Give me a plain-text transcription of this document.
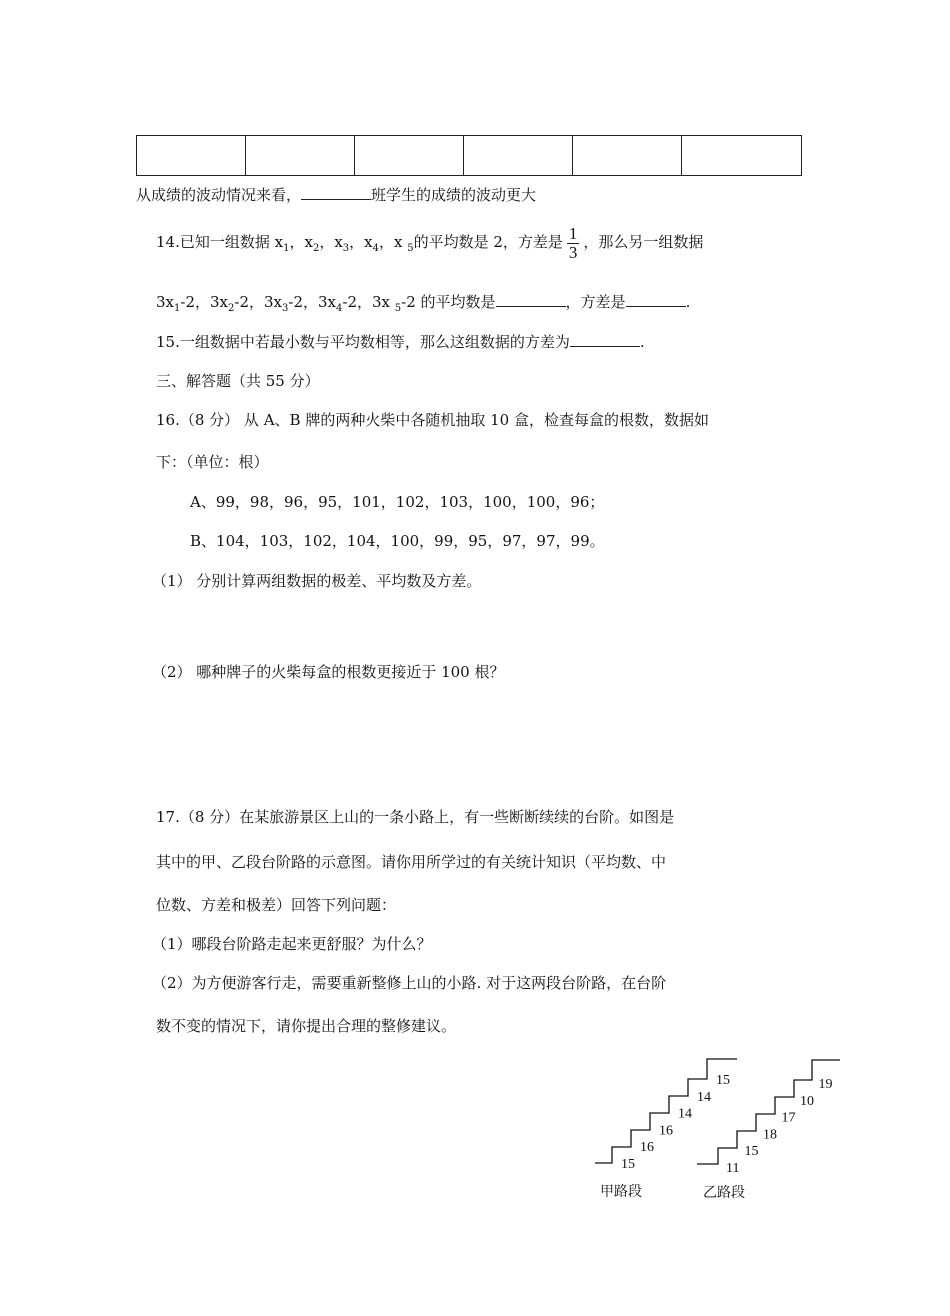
从成绩的波动情况来看，	班学生的成绩的波动更大
14.已知一组数据 $x_1$，$x_2$，$x_3$，$x_4$，x $_5$的平均数是 2，方差是 $\frac{1}{3}$ ，那么另一组数据
$3x_1-2$，$3x_2-2$，$3x_3-2$，$3x_4-2$，3x $_5$-2 的平均数是	，方差是	.
15.一组数据中若最小数与平均数相等，那么这组数据的方差为	.
三、解答题（共 55 分）
16.（8 分） 从 A、B 牌的两种火柴中各随机抽取 10 盒，检查每盒的根数，数据如
下：（单位：根）
A、99，98，96，95，101，102，103，100，100，96；
B、104，103，102，104，100，99，95，97，97，99。
（1） 分别计算两组数据的极差、平均数及方差。
（2） 哪种牌子的火柴每盒的根数更接近于 100 根？
17.（8 分）在某旅游景区上山的一条小路上，有一些断断续续的台阶。如图是
其中的甲、乙段台阶路的示意图。请你用所学过的有关统计知识（平均数、中
位数、方差和极差）回答下列问题：
（1）哪段台阶路走起来更舒服？为什么？
（2）为方便游客行走，需要重新整修上山的小路. 对于这两段台阶路，在台阶
数不变的情况下，请你提出合理的整修建议。
15
16
16
14
14
15
11
15
18
17
10
19
甲路段	乙路段
